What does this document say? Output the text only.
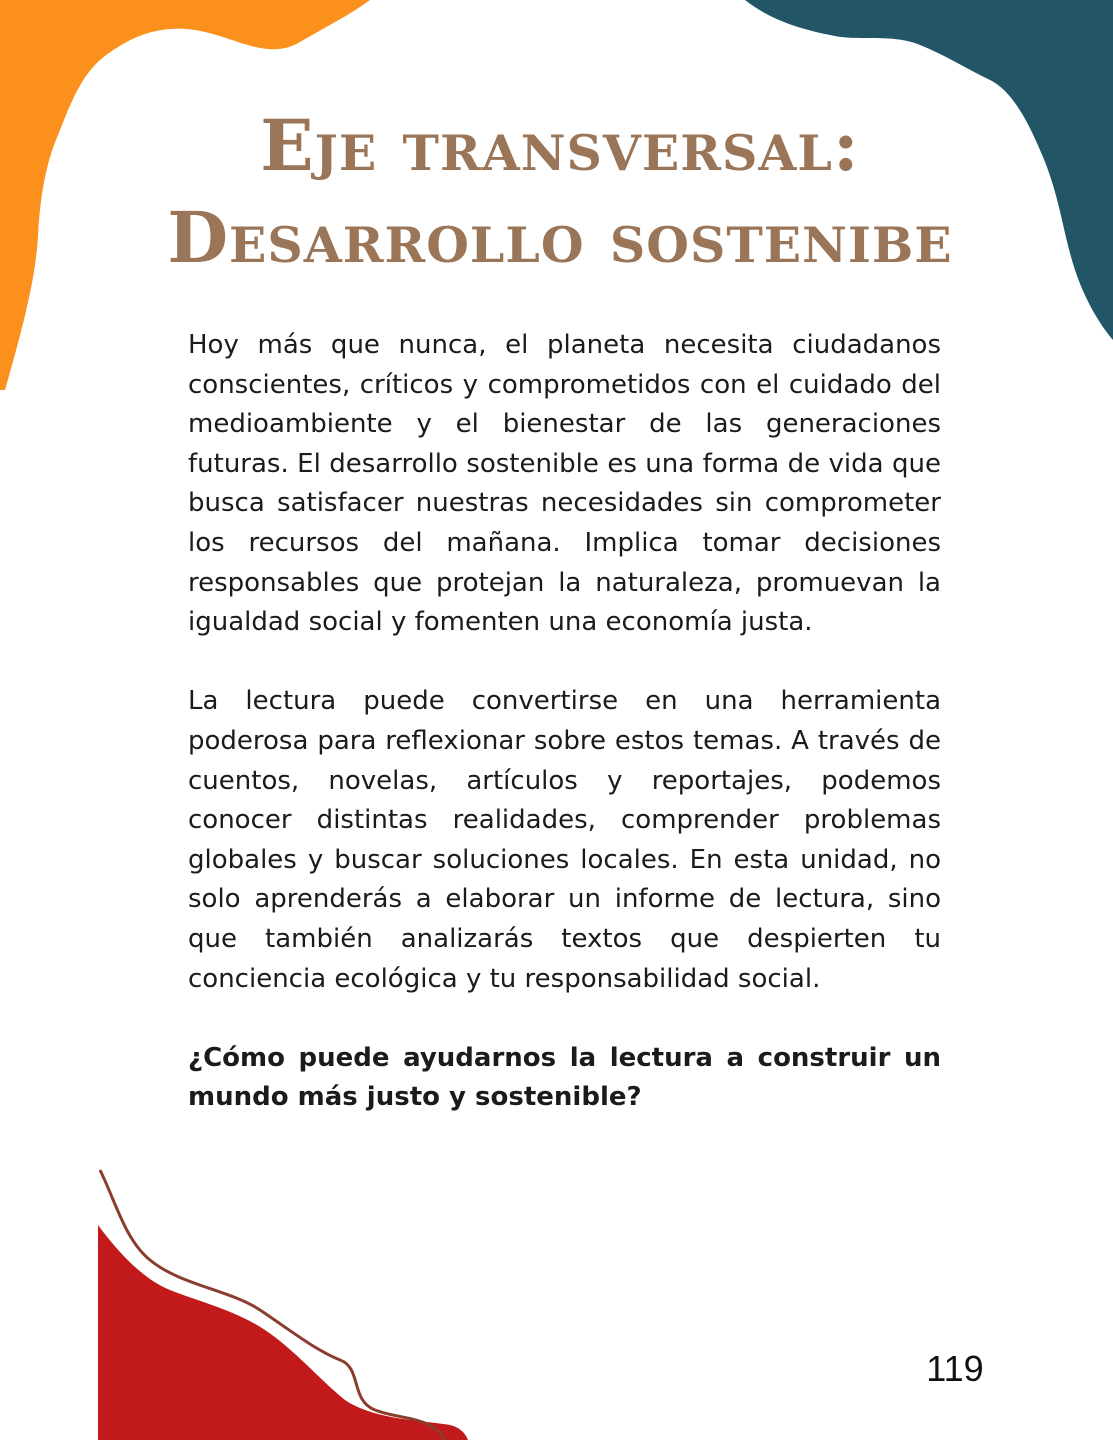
Eje transversal:
Desarrollo sostenibe

Hoy más que nunca, el planeta necesita ciudadanos conscientes, críticos y comprometidos con el cuidado del medioambiente y el bienestar de las generaciones futuras. El desarrollo sostenible es una forma de vida que busca satisfacer nuestras necesidades sin comprometer los recursos del mañana. Implica tomar decisiones responsables que protejan la naturaleza, promuevan la igualdad social y fomenten una economía justa.

La lectura puede convertirse en una herramienta poderosa para reflexionar sobre estos temas. A través de cuentos, novelas, artículos y reportajes, podemos conocer distintas realidades, comprender problemas globales y buscar soluciones locales. En esta unidad, no solo aprenderás a elaborar un informe de lectura, sino que también analizarás textos que despierten tu conciencia ecológica y tu responsabilidad social.

¿Cómo puede ayudarnos la lectura a construir un mundo más justo y sostenible?

119
